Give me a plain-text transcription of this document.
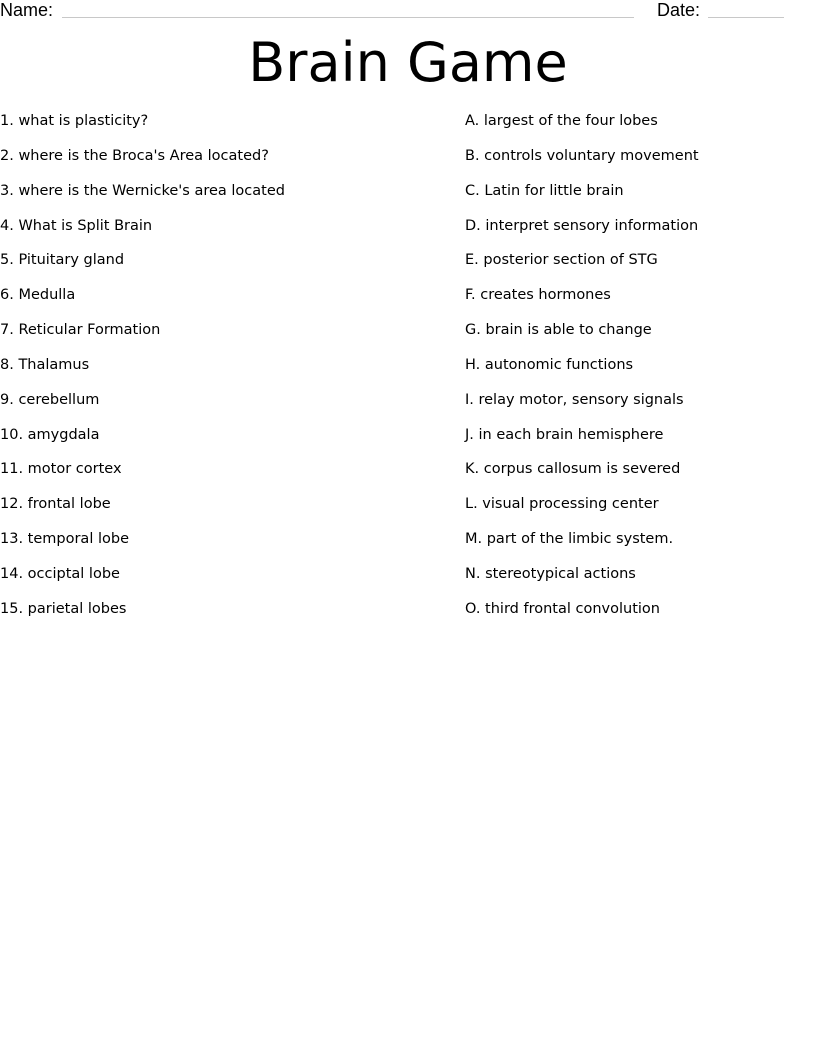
Name:	Date:
Brain Game
1. what is plasticity?
2. where is the Broca's Area located?
3. where is the Wernicke's area located
4. What is Split Brain
5. Pituitary gland
6. Medulla
7. Reticular Formation
8. Thalamus
9. cerebellum
10. amygdala
11. motor cortex
12. frontal lobe
13. temporal lobe
14. occiptal lobe
15. parietal lobes
A. largest of the four lobes
B. controls voluntary movement
C. Latin for little brain
D. interpret sensory information
E. posterior section of STG
F. creates hormones
G. brain is able to change
H. autonomic functions
I. relay motor, sensory signals
J. in each brain hemisphere
K. corpus callosum is severed
L. visual processing center
M. part of the limbic system.
N. stereotypical actions
O. third frontal convolution
